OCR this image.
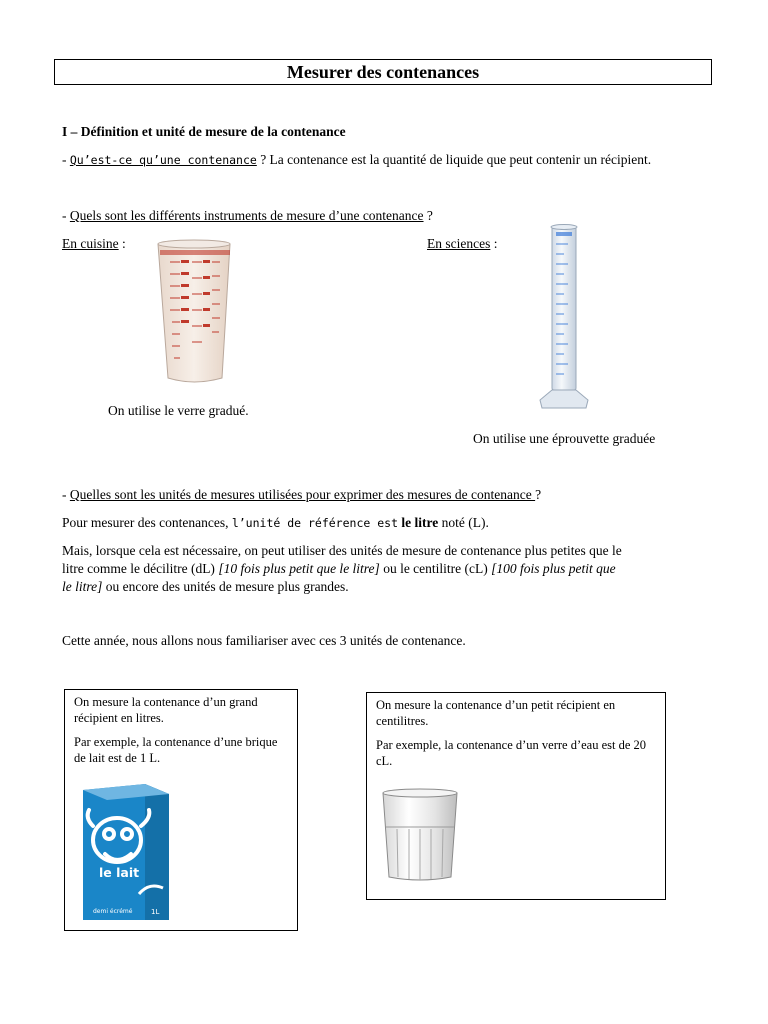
Mesurer des contenances
I – Définition et unité de mesure de la contenance
- Qu’est-ce qu’une contenance ? La contenance est la quantité de liquide que peut contenir un récipient.
- Quels sont les différents instruments de mesure d’une contenance ?
En cuisine :	En sciences :
On utilise le verre gradué.
On utilise une éprouvette graduée
- Quelles sont les unités de mesures utilisées pour exprimer des mesures de contenance ?
Pour mesurer des contenances, l’unité de référence est le litre noté (L).

Mais, lorsque cela est nécessaire, on peut utiliser des unités de mesure de contenance plus petites que le

litre comme le décilitre (dL) [10 fois plus petit que le litre] ou le centilitre (cL) [100 fois plus petit que

le litre] ou encore des unités de mesure plus grandes.

Cette année, nous allons nous familiariser avec ces 3 unités de contenance.

On mesure la contenance d’un grand récipient en litres.

Par exemple, la contenance d’une brique de lait est de 1 L.

le lait
demi écrémé	1L

On mesure la contenance d’un petit récipient en centilitres.

Par exemple, la contenance d’un verre d’eau est de 20 cL.
